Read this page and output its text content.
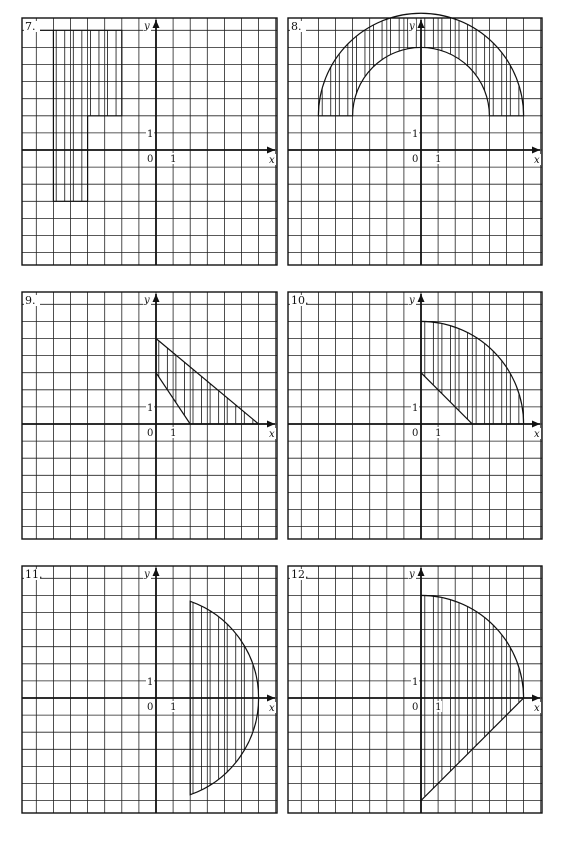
7.
x
y
0 1
1
8.
x
y
0 1
1
9.
x
y
0 1
1
10.
x
y
0 1
1
11.
x
y
0 1
1
12.
x
y
0 1
1
